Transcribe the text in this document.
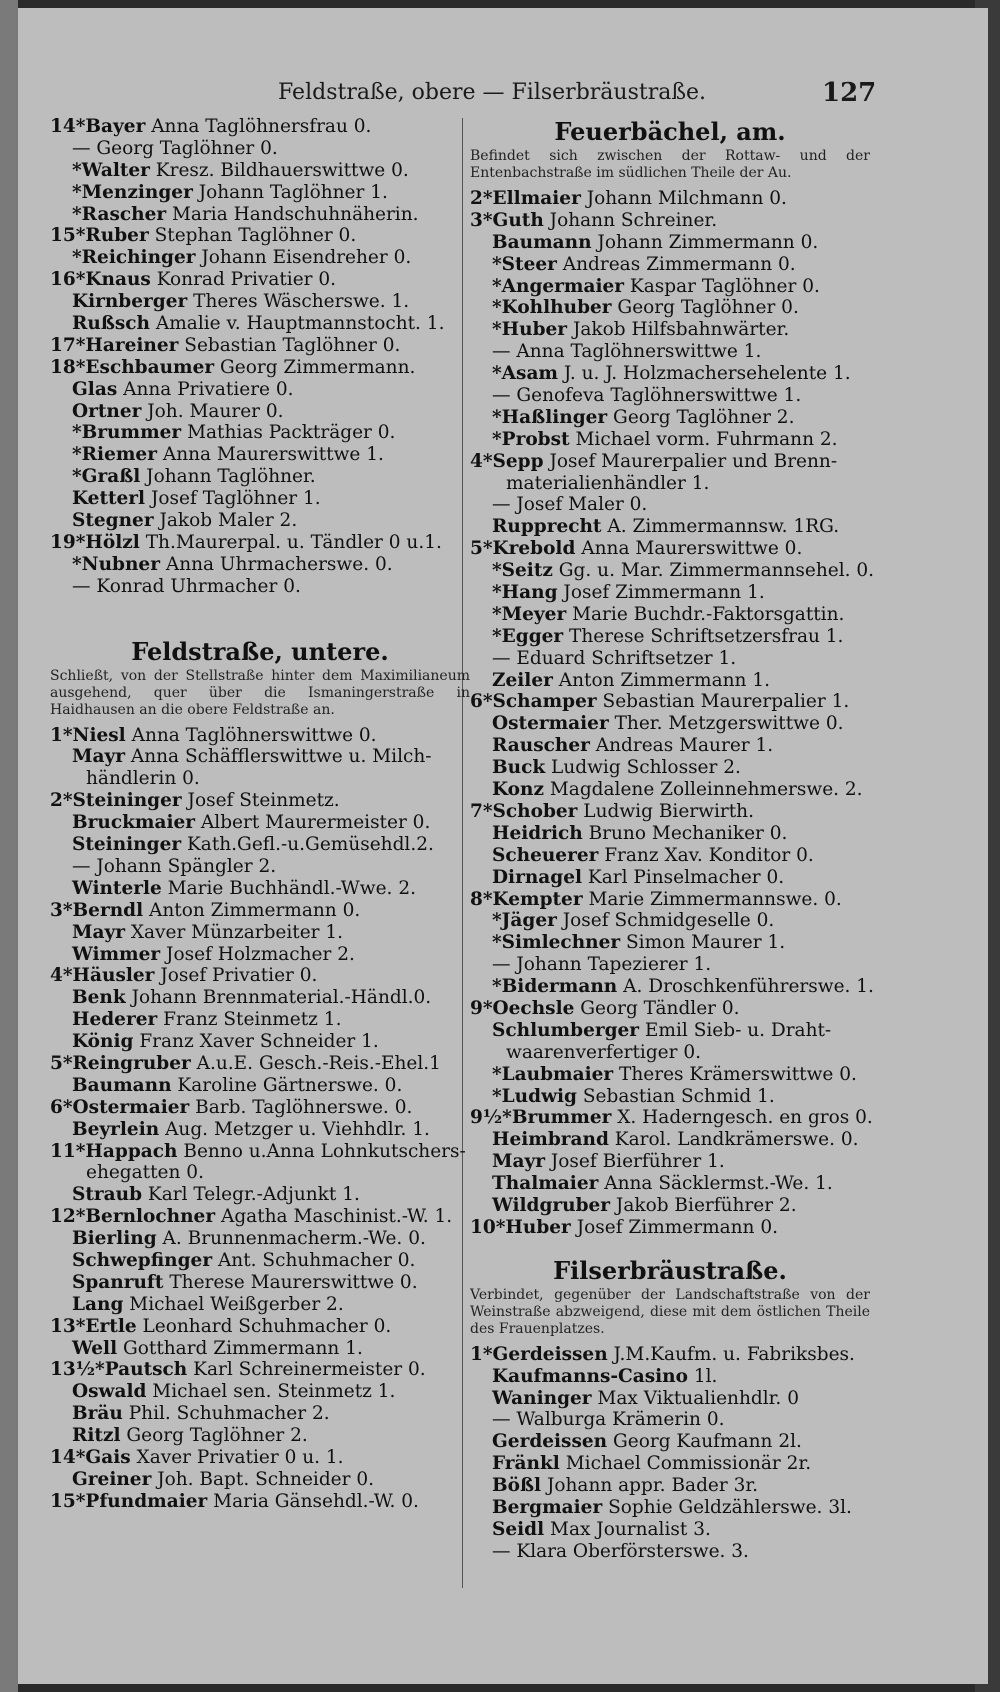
Feldstraße, obere — Filserbräustraße.	127
14*Bayer Anna Taglöhnersfrau 0.
— Georg Taglöhner 0.
*Walter Kresz. Bildhauerswittwe 0.
*Menzinger Johann Taglöhner 1.
*Rascher Maria Handschuhnäherin.
15*Ruber Stephan Taglöhner 0.
*Reichinger Johann Eisendreher 0.
16*Knaus Konrad Privatier 0.
Kirnberger Theres Wäscherswe. 1.
Rußsch Amalie v. Hauptmannstocht. 1.
17*Hareiner Sebastian Taglöhner 0.
18*Eschbaumer Georg Zimmermann.
Glas Anna Privatiere 0.
Ortner Joh. Maurer 0.
*Brummer Mathias Packträger 0.
*Riemer Anna Maurerswittwe 1.
*Graßl Johann Taglöhner.
Ketterl Josef Taglöhner 1.
Stegner Jakob Maler 2.
19*Hölzl Th.Maurerpal. u. Tändler 0 u.1.
*Nubner Anna Uhrmacherswe. 0.
— Konrad Uhrmacher 0.
Feldstraße, untere.
Schließt, von der Stellstraße hinter dem Maximilianeum ausgehend, quer über die Ismaningerstraße in Haidhausen an die obere Feldstraße an.
1*Niesl Anna Taglöhnerswittwe 0.
Mayr Anna Schäfflerswittwe u. Milch-
händlerin 0.
2*Steininger Josef Steinmetz.
Bruckmaier Albert Maurermeister 0.
Steininger Kath.Gefl.-u.Gemüsehdl.2.
— Johann Spängler 2.
Winterle Marie Buchhändl.-Wwe. 2.
3*Berndl Anton Zimmermann 0.
Mayr Xaver Münzarbeiter 1.
Wimmer Josef Holzmacher 2.
4*Häusler Josef Privatier 0.
Benk Johann Brennmaterial.-Händl.0.
Hederer Franz Steinmetz 1.
König Franz Xaver Schneider 1.
5*Reingruber A.u.E. Gesch.-Reis.-Ehel.1
Baumann Karoline Gärtnerswe. 0.
6*Ostermaier Barb. Taglöhnerswe. 0.
Beyrlein Aug. Metzger u. Viehhdlr. 1.
11*Happach Benno u.Anna Lohnkutschers-
ehegatten 0.
Straub Karl Telegr.-Adjunkt 1.
12*Bernlochner Agatha Maschinist.-W. 1.
Bierling A. Brunnenmacherm.-We. 0.
Schwepfinger Ant. Schuhmacher 0.
Spanruft Therese Maurerswittwe 0.
Lang Michael Weißgerber 2.
13*Ertle Leonhard Schuhmacher 0.
Well Gotthard Zimmermann 1.
13½*Pautsch Karl Schreinermeister 0.
Oswald Michael sen. Steinmetz 1.
Bräu Phil. Schuhmacher 2.
Ritzl Georg Taglöhner 2.
14*Gais Xaver Privatier 0 u. 1.
Greiner Joh. Bapt. Schneider 0.
15*Pfundmaier Maria Gänsehdl.-W. 0.
Feuerbächel, am.
Befindet sich zwischen der Rottaw- und der Entenbachstraße im südlichen Theile der Au.
2*Ellmaier Johann Milchmann 0.
3*Guth Johann Schreiner.
Baumann Johann Zimmermann 0.
*Steer Andreas Zimmermann 0.
*Angermaier Kaspar Taglöhner 0.
*Kohlhuber Georg Taglöhner 0.
*Huber Jakob Hilfsbahnwärter.
— Anna Taglöhnerswittwe 1.
*Asam J. u. J. Holzmachersehelente 1.
— Genofeva Taglöhnerswittwe 1.
*Haßlinger Georg Taglöhner 2.
*Probst Michael vorm. Fuhrmann 2.
4*Sepp Josef Maurerpalier und Brenn-
materialienhändler 1.
— Josef Maler 0.
Rupprecht A. Zimmermannsw. 1RG.
5*Krebold Anna Maurerswittwe 0.
*Seitz Gg. u. Mar. Zimmermannsehel. 0.
*Hang Josef Zimmermann 1.
*Meyer Marie Buchdr.-Faktorsgattin.
*Egger Therese Schriftsetzersfrau 1.
— Eduard Schriftsetzer 1.
Zeiler Anton Zimmermann 1.
6*Schamper Sebastian Maurerpalier 1.
Ostermaier Ther. Metzgerswittwe 0.
Rauscher Andreas Maurer 1.
Buck Ludwig Schlosser 2.
Konz Magdalene Zolleinnehmerswe. 2.
7*Schober Ludwig Bierwirth.
Heidrich Bruno Mechaniker 0.
Scheuerer Franz Xav. Konditor 0.
Dirnagel Karl Pinselmacher 0.
8*Kempter Marie Zimmermannswe. 0.
*Jäger Josef Schmidgeselle 0.
*Simlechner Simon Maurer 1.
— Johann Tapezierer 1.
*Bidermann A. Droschkenführerswe. 1.
9*Oechsle Georg Tändler 0.
Schlumberger Emil Sieb- u. Draht-
waarenverfertiger 0.
*Laubmaier Theres Krämerswittwe 0.
*Ludwig Sebastian Schmid 1.
9½*Brummer X. Haderngesch. en gros 0.
Heimbrand Karol. Landkrämerswe. 0.
Mayr Josef Bierführer 1.
Thalmaier Anna Säcklermst.-We. 1.
Wildgruber Jakob Bierführer 2.
10*Huber Josef Zimmermann 0.
Filserbräustraße.
Verbindet, gegenüber der Landschaftstraße von der Weinstraße abzweigend, diese mit dem östlichen Theile des Frauenplatzes.
1*Gerdeissen J.M.Kaufm. u. Fabriksbes.
Kaufmanns-Casino 1l.
Waninger Max Viktualienhdlr. 0
— Walburga Krämerin 0.
Gerdeissen Georg Kaufmann 2l.
Fränkl Michael Commissionär 2r.
Bößl Johann appr. Bader 3r.
Bergmaier Sophie Geldzählerswe. 3l.
Seidl Max Journalist 3.
— Klara Oberförsterswe. 3.
